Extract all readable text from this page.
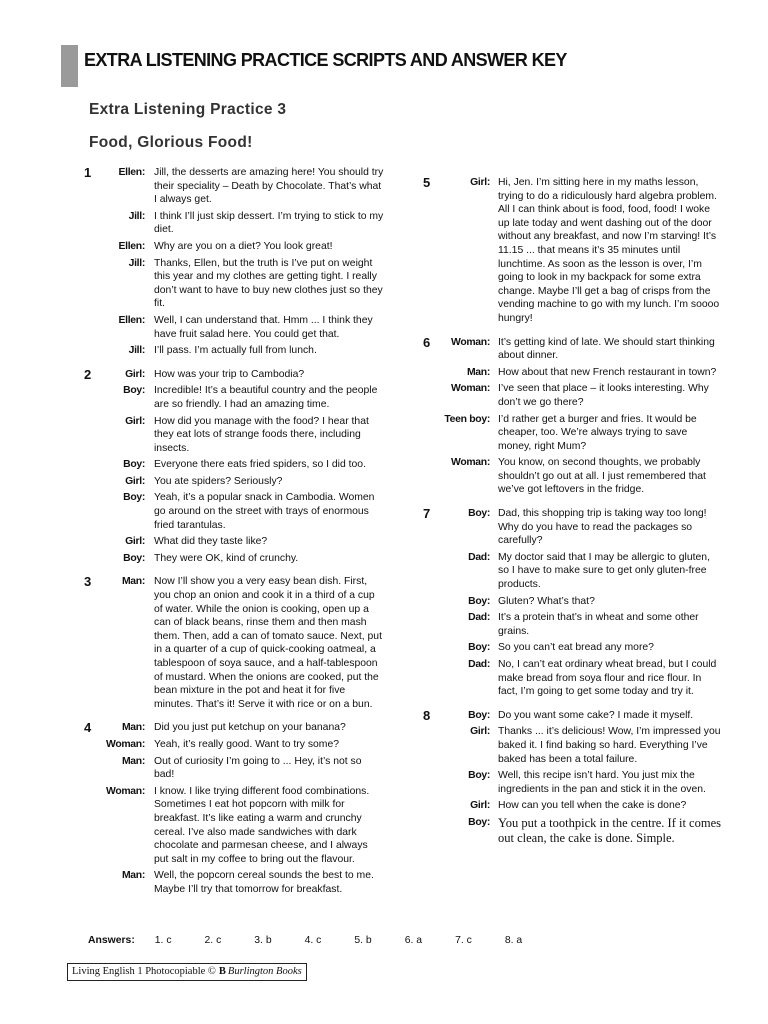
EXTRA LISTENING PRACTICE SCRIPTS AND ANSWER KEY
Extra Listening Practice 3
Food, Glorious Food!
1	Ellen: Jill, the desserts are amazing here! You should try their speciality – Death by Chocolate. That’s what I always get.
Jill: I think I’ll just skip dessert. I’m trying to stick to my diet.
Ellen: Why are you on a diet? You look great!
Jill: Thanks, Ellen, but the truth is I’ve put on weight this year and my clothes are getting tight. I really don’t want to have to buy new clothes just so they fit.
Ellen: Well, I can understand that. Hmm ... I think they have fruit salad here. You could get that.
Jill: I’ll pass. I’m actually full from lunch.
2	Girl: How was your trip to Cambodia?
Boy: Incredible! It’s a beautiful country and the people are so friendly. I had an amazing time.
Girl: How did you manage with the food? I hear that they eat lots of strange foods there, including insects.
Boy: Everyone there eats fried spiders, so I did too.
Girl: You ate spiders? Seriously?
Boy: Yeah, it’s a popular snack in Cambodia. Women go around on the street with trays of enormous fried tarantulas.
Girl: What did they taste like?
Boy: They were OK, kind of crunchy.
3	Man: Now I’ll show you a very easy bean dish. First, you chop an onion and cook it in a third of a cup of water. While the onion is cooking, open up a can of black beans, rinse them and then mash them. Then, add a can of tomato sauce. Next, put in a quarter of a cup of quick-cooking oatmeal, a tablespoon of soya sauce, and a half-tablespoon of mustard. When the onions are cooked, put the bean mixture in the pot and heat it for five minutes. That’s it! Serve it with rice or on a bun.
4	Man: Did you just put ketchup on your banana?
Woman: Yeah, it’s really good. Want to try some?
Man: Out of curiosity I’m going to ... Hey, it’s not so bad!
Woman: I know. I like trying different food combinations. Sometimes I eat hot popcorn with milk for breakfast. It’s like eating a warm and crunchy cereal. I’ve also made sandwiches with dark chocolate and parmesan cheese, and I always put salt in my coffee to bring out the flavour.
Man: Well, the popcorn cereal sounds the best to me. Maybe I’ll try that tomorrow for breakfast.
5	Girl: Hi, Jen. I’m sitting here in my maths lesson, trying to do a ridiculously hard algebra problem. All I can think about is food, food, food! I woke up late today and went dashing out of the door without any breakfast, and now I’m starving! It’s 11.15 ... that means it’s 35 minutes until lunchtime. As soon as the lesson is over, I’m going to look in my backpack for some extra change. Maybe I’ll get a bag of crisps from the vending machine to go with my lunch. I’m soooo hungry!
6	Woman: It’s getting kind of late. We should start thinking about dinner.
Man: How about that new French restaurant in town?
Woman: I’ve seen that place – it looks interesting. Why don’t we go there?
Teen boy: I’d rather get a burger and fries. It would be cheaper, too. We’re always trying to save money, right Mum?
Woman: You know, on second thoughts, we probably shouldn’t go out at all. I just remembered that we’ve got leftovers in the fridge.
7	Boy: Dad, this shopping trip is taking way too long! Why do you have to read the packages so carefully?
Dad: My doctor said that I may be allergic to gluten, so I have to make sure to get only gluten-free products.
Boy: Gluten? What’s that?
Dad: It’s a protein that’s in wheat and some other grains.
Boy: So you can’t eat bread any more?
Dad: No, I can’t eat ordinary wheat bread, but I could make bread from soya flour and rice flour. In fact, I’m going to get some today and try it.
8	Boy: Do you want some cake? I made it myself.
Girl: Thanks ... it’s delicious! Wow, I’m impressed you baked it. I find baking so hard. Everything I’ve baked has been a total failure.
Boy: Well, this recipe isn’t hard. You just mix the ingredients in the pan and stick it in the oven.
Girl: How can you tell when the cake is done?
Boy: You put a toothpick in the centre. If it comes out clean, the cake is done. Simple.
Answers: 1. c	2. c	3. b	4. c	5. b	6. a	7. c	8. a
Living English 1 Photocopiable © B Burlington Books
